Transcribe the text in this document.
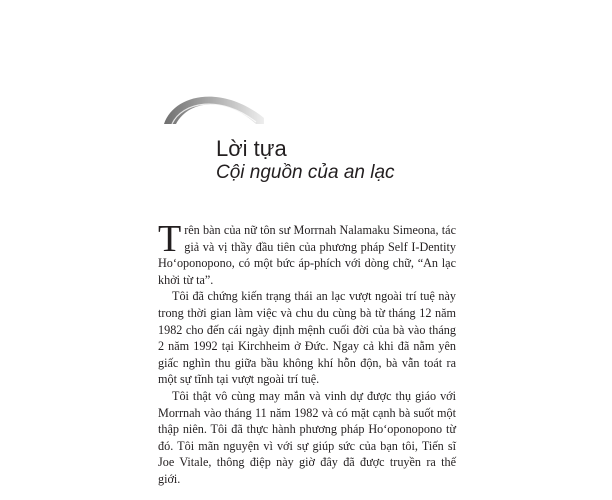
Lời tựa
Cội nguồn của an lạc

Trên bàn của nữ tôn sư Morrnah Nalamaku Simeona, tác giả và vị thầy đầu tiên của phương pháp Self I-Dentity Hoʻoponopono, có một bức áp-phích với dòng chữ, “An lạc khởi từ ta”.

Tôi đã chứng kiến trạng thái an lạc vượt ngoài trí tuệ này trong thời gian làm việc và chu du cùng bà từ tháng 12 năm 1982 cho đến cái ngày định mệnh cuối đời của bà vào tháng 2 năm 1992 tại Kirchheim ở Đức. Ngay cả khi đã nằm yên giấc nghìn thu giữa bầu không khí hỗn độn, bà vẫn toát ra một sự tĩnh tại vượt ngoài trí tuệ.

Tôi thật vô cùng may mắn và vinh dự được thụ giáo với Morrnah vào tháng 11 năm 1982 và có mặt cạnh bà suốt một thập niên. Tôi đã thực hành phương pháp Hoʻoponopono từ đó. Tôi mãn nguyện vì với sự giúp sức của bạn tôi, Tiến sĩ Joe Vitale, thông điệp này giờ đây đã được truyền ra thế giới.
